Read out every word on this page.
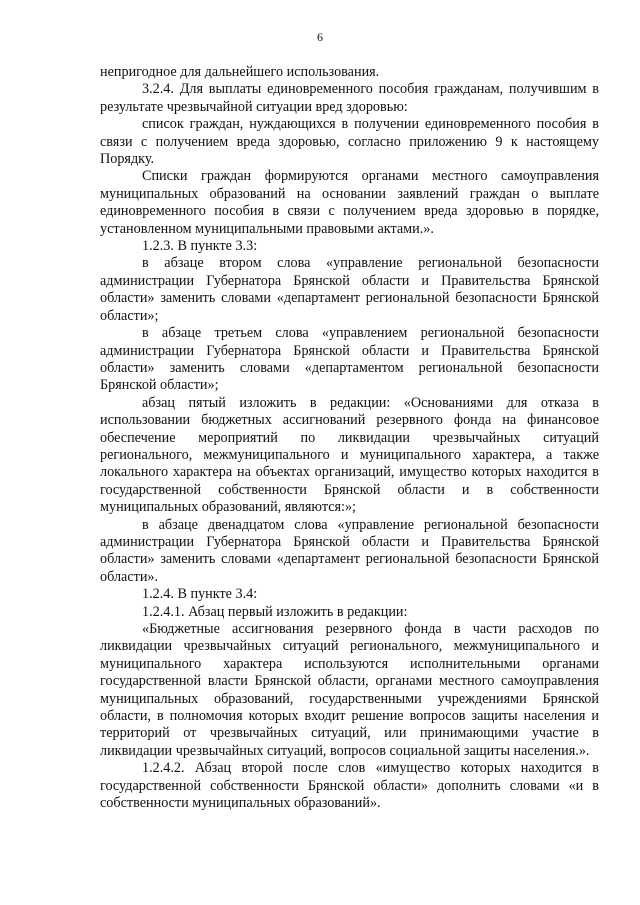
6

непригодное для дальнейшего использования.

3.2.4. Для выплаты единовременного пособия гражданам, получившим в результате чрезвычайной ситуации вред здоровью:

список граждан, нуждающихся в получении единовременного пособия в связи с получением вреда здоровью, согласно приложению 9 к настоящему Порядку.

Списки граждан формируются органами местного самоуправления муниципальных образований на основании заявлений граждан о выплате единовременного пособия в связи с получением вреда здоровью в порядке, установленном муниципальными правовыми актами.».

1.2.3. В пункте 3.3:

в абзаце втором слова «управление региональной безопасности администрации Губернатора Брянской области и Правительства Брянской области» заменить словами «департамент региональной безопасности Брянской области»;

в абзаце третьем слова «управлением региональной безопасности администрации Губернатора Брянской области и Правительства Брянской области» заменить словами «департаментом региональной безопасности Брянской области»;

абзац пятый изложить в редакции: «Основаниями для отказа в использовании бюджетных ассигнований резервного фонда на финансовое обеспечение мероприятий по ликвидации чрезвычайных ситуаций регионального, межмуниципального и муниципального характера, а также локального характера на объектах организаций, имущество которых находится в государственной собственности Брянской области и в собственности муниципальных образований, являются:»;

в абзаце двенадцатом слова «управление региональной безопасности администрации Губернатора Брянской области и Правительства Брянской области» заменить словами «департамент региональной безопасности Брянской области».

1.2.4. В пункте 3.4:

1.2.4.1. Абзац первый изложить в редакции:

«Бюджетные ассигнования резервного фонда в части расходов по ликвидации чрезвычайных ситуаций регионального, межмуниципального и муниципального характера используются исполнительными органами государственной власти Брянской области, органами местного самоуправления муниципальных образований, государственными учреждениями Брянской области, в полномочия которых входит решение вопросов защиты населения и территорий от чрезвычайных ситуаций, или принимающими участие в ликвидации чрезвычайных ситуаций, вопросов социальной защиты населения.».

1.2.4.2. Абзац второй после слов «имущество которых находится в государственной собственности Брянской области» дополнить словами «и в собственности муниципальных образований».
